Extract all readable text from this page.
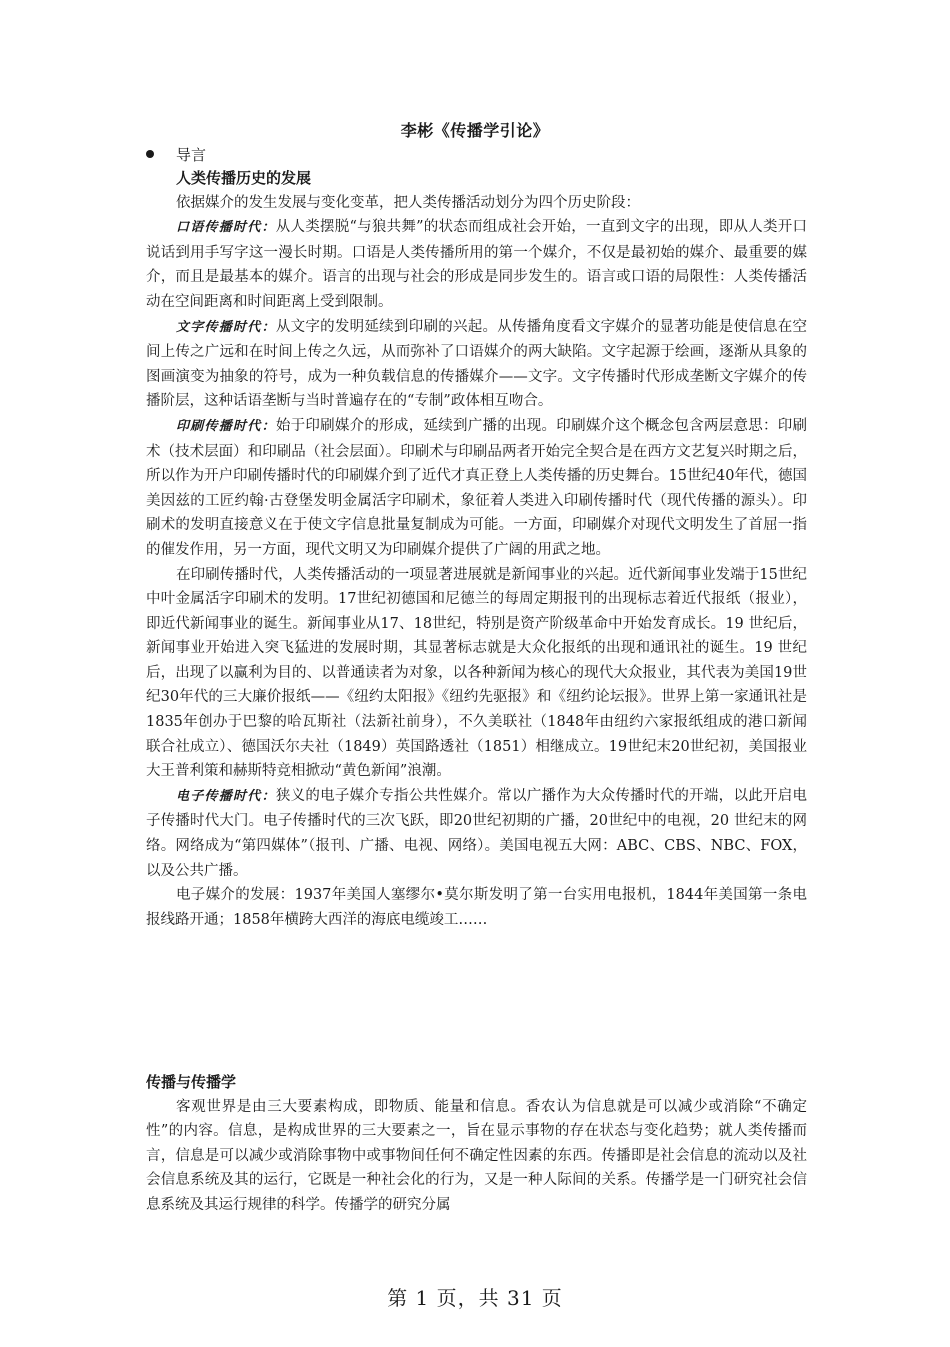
李彬《传播学引论》
导言
人类传播历史的发展

依据媒介的发生发展与变化变革，把人类传播活动划分为四个历史阶段：

口语传播时代：从人类摆脱“与狼共舞”的状态而组成社会开始，一直到文字的出现，即从人类开口说话到用手写字这一漫长时期。口语是人类传播所用的第一个媒介，不仅是最初始的媒介、最重要的媒介，而且是最基本的媒介。语言的出现与社会的形成是同步发生的。语言或口语的局限性：人类传播活动在空间距离和时间距离上受到限制。

文字传播时代：从文字的发明延续到印刷的兴起。从传播角度看文字媒介的显著功能是使信息在空间上传之广远和在时间上传之久远，从而弥补了口语媒介的两大缺陷。文字起源于绘画，逐渐从具象的图画演变为抽象的符号，成为一种负载信息的传播媒介——文字。文字传播时代形成垄断文字媒介的传播阶层，这种话语垄断与当时普遍存在的“专制”政体相互吻合。

印刷传播时代：始于印刷媒介的形成，延续到广播的出现。印刷媒介这个概念包含两层意思：印刷术（技术层面）和印刷品（社会层面）。印刷术与印刷品两者开始完全契合是在西方文艺复兴时期之后，所以作为开户印刷传播时代的印刷媒介到了近代才真正登上人类传播的历史舞台。15世纪40年代，德国美因兹的工匠约翰·古登堡发明金属活字印刷术，象征着人类进入印刷传播时代（现代传播的源头）。印刷术的发明直接意义在于使文字信息批量复制成为可能。一方面，印刷媒介对现代文明发生了首屈一指的催发作用，另一方面，现代文明又为印刷媒介提供了广阔的用武之地。

在印刷传播时代，人类传播活动的一项显著进展就是新闻事业的兴起。近代新闻事业发端于15世纪中叶金属活字印刷术的发明。17世纪初德国和尼德兰的每周定期报刊的出现标志着近代报纸（报业），即近代新闻事业的诞生。新闻事业从17、18世纪，特别是资产阶级革命中开始发育成长。19 世纪后，新闻事业开始进入突飞猛进的发展时期，其显著标志就是大众化报纸的出现和通讯社的诞生。19 世纪后，出现了以赢利为目的、以普通读者为对象，以各种新闻为核心的现代大众报业，其代表为美国19世纪30年代的三大廉价报纸——《纽约太阳报》《纽约先驱报》和《纽约论坛报》。世界上第一家通讯社是1835年创办于巴黎的哈瓦斯社（法新社前身），不久美联社（1848年由纽约六家报纸组成的港口新闻联合社成立）、德国沃尔夫社（1849）英国路透社（1851）相继成立。19世纪末20世纪初，美国报业大王普利策和赫斯特竞相掀动“黄色新闻”浪潮。

电子传播时代：狭义的电子媒介专指公共性媒介。常以广播作为大众传播时代的开端，以此开启电子传播时代大门。电子传播时代的三次飞跃，即20世纪初期的广播，20世纪中的电视，20 世纪末的网络。网络成为“第四媒体”（报刊、广播、电视、网络）。美国电视五大网：ABC、CBS、NBC、FOX，以及公共广播。

电子媒介的发展：1937年美国人塞缪尔•莫尔斯发明了第一台实用电报机，1844年美国第一条电报线路开通；1858年横跨大西洋的海底电缆竣工……

传播与传播学

客观世界是由三大要素构成，即物质、能量和信息。香农认为信息就是可以减少或消除“不确定性”的内容。信息，是构成世界的三大要素之一，旨在显示事物的存在状态与变化趋势；就人类传播而言，信息是可以减少或消除事物中或事物间任何不确定性因素的东西。传播即是社会信息的流动以及社会信息系统及其的运行，它既是一种社会化的行为，又是一种人际间的关系。传播学是一门研究社会信息系统及其运行规律的科学。传播学的研究分属

第 1 页，共 31 页
